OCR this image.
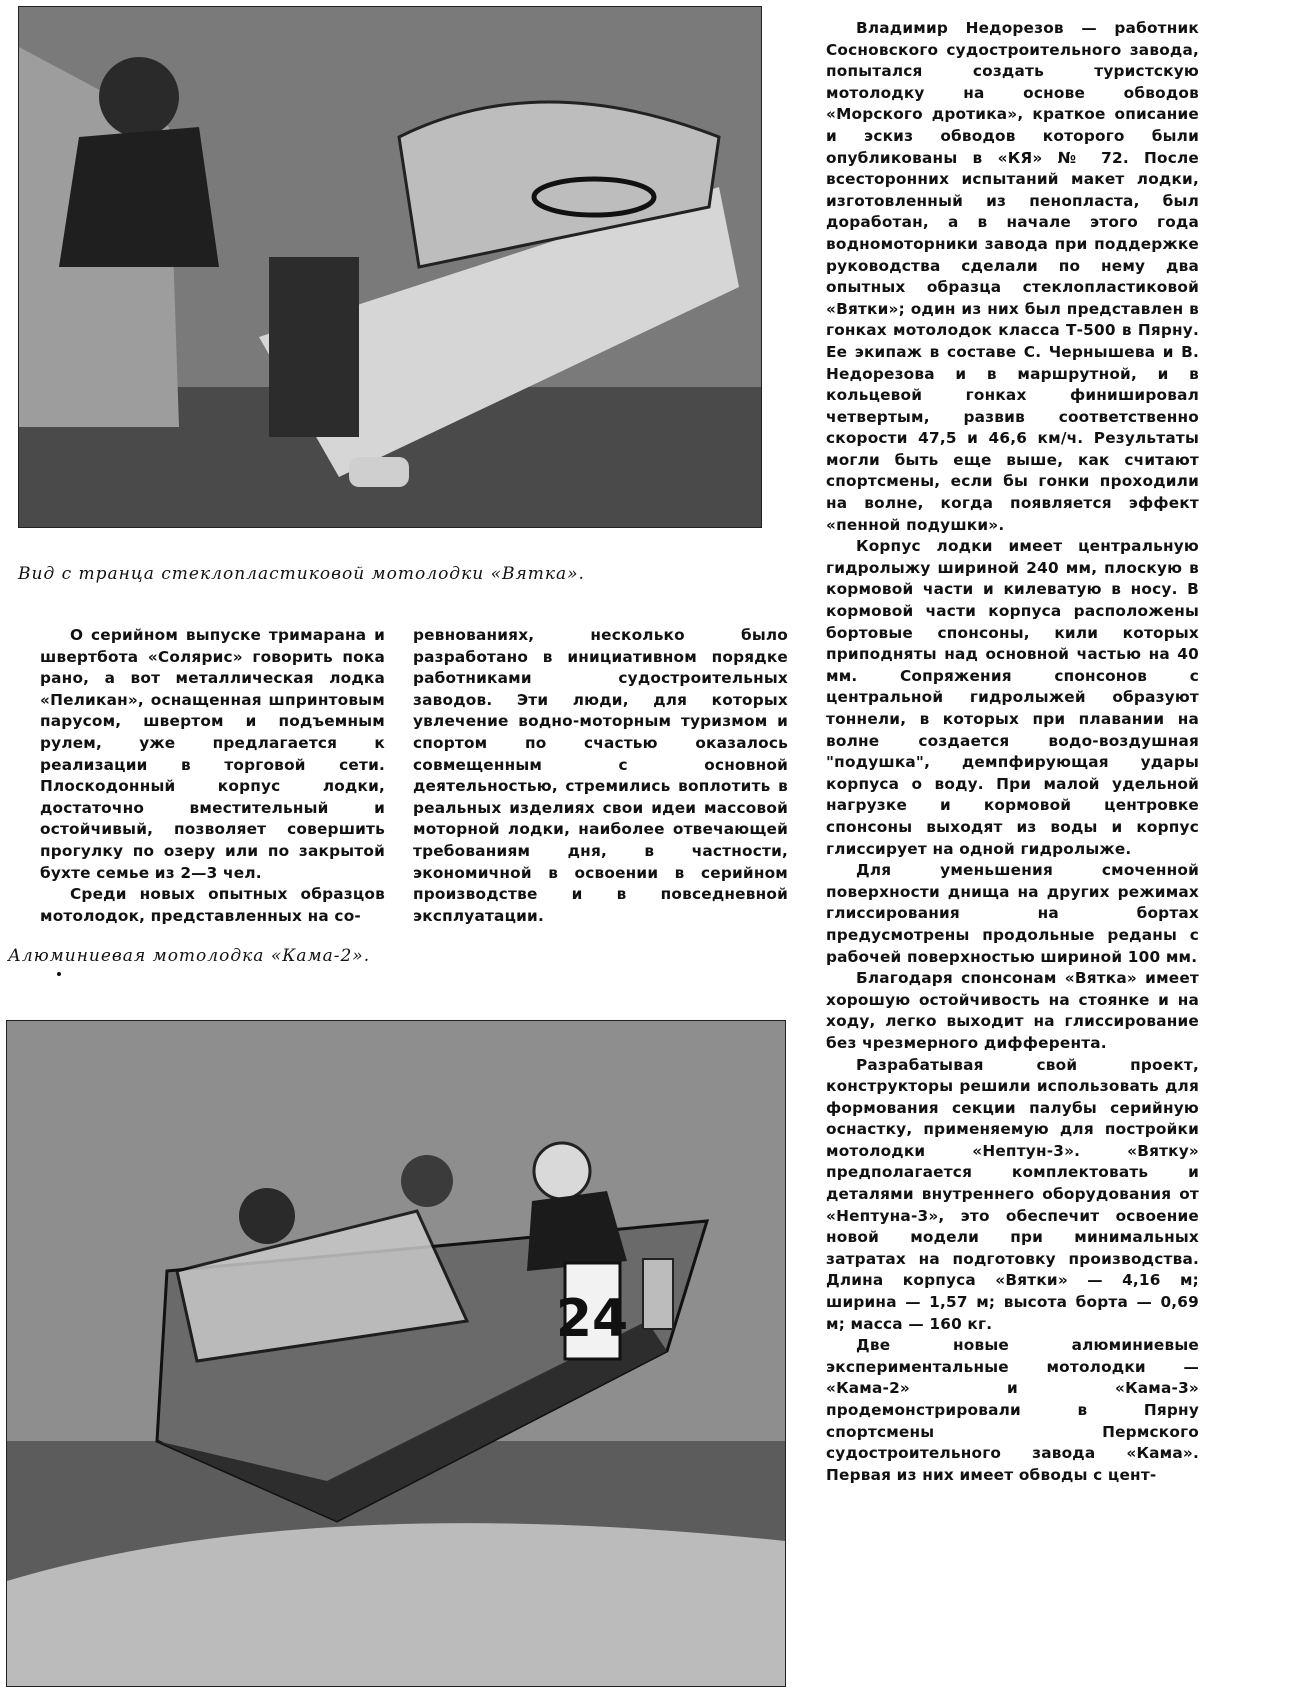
Вид с транца стеклопластиковой мотолодки «Вятка».

О серийном выпуске тримарана и швертбота «Солярис» говорить пока рано, а вот металлическая лодка «Пеликан», оснащенная шпринтовым парусом, швертом и подъемным рулем, уже предлагается к реализации в торговой сети. Плоскодонный корпус лодки, достаточно вместительный и остойчивый, позволяет совершить прогулку по озеру или по закрытой бухте семье из 2—3 чел.

Среди новых опытных образцов мотолодок, представленных на со-

ревнованиях, несколько было разработано в инициативном порядке работниками судостроительных заводов. Эти люди, для которых увлечение водно-моторным туризмом и спортом по счастью оказалось совмещенным с основной деятельностью, стремились воплотить в реальных изделиях свои идеи массовой моторной лодки, наиболее отвечающей требованиям дня, в частности, экономичной в освоении в серийном производстве и в повседневной эксплуатации.

Алюминиевая мотолодка «Кама-2».

24

Владимир Недорезов — работник Сосновского судостроительного завода, попытался создать туристскую мотолодку на основе обводов «Морского дротика», краткое описание и эскиз обводов которого были опубликованы в «КЯ» № 72. После всесторонних испытаний макет лодки, изготовленный из пенопласта, был доработан, а в начале этого года водномоторники завода при поддержке руководства сделали по нему два опытных образца стеклопластиковой «Вятки»; один из них был представлен в гонках мотолодок класса Т-500 в Пярну. Ее экипаж в составе С. Чернышева и В. Недорезова и в маршрутной, и в кольцевой гонках финишировал четвертым, развив соответственно скорости 47,5 и 46,6 км/ч. Результаты могли быть еще выше, как считают спортсмены, если бы гонки проходили на волне, когда появляется эффект «пенной подушки».

Корпус лодки имеет центральную гидролыжу шириной 240 мм, плоскую в кормовой части и килеватую в носу. В кормовой части корпуса расположены бортовые спонсоны, кили которых приподняты над основной частью на 40 мм. Сопряжения спонсонов с центральной гидролыжей образуют тоннели, в которых при плавании на волне создается водо-воздушная "подушка", демпфирующая удары корпуса о воду. При малой удельной нагрузке и кормовой центровке спонсоны выходят из воды и корпус глиссирует на одной гидролыже.

Для уменьшения смоченной поверхности днища на других режимах глиссирования на бортах предусмотрены продольные реданы с рабочей поверхностью шириной 100 мм.

Благодаря спонсонам «Вятка» имеет хорошую остойчивость на стоянке и на ходу, легко выходит на глиссирование без чрезмерного дифферента.

Разрабатывая свой проект, конструкторы решили использовать для формования секции палубы серийную оснастку, применяемую для постройки мотолодки «Нептун-3». «Вятку» предполагается комплектовать и деталями внутреннего оборудования от «Нептуна-3», это обеспечит освоение новой модели при минимальных затратах на подготовку производства. Длина корпуса «Вятки» — 4,16 м; ширина — 1,57 м; высота борта — 0,69 м; масса — 160 кг.

Две новые алюминиевые экспериментальные мотолодки — «Кама-2» и «Кама-3» продемонстрировали в Пярну спортсмены Пермского судостроительного завода «Кама». Первая из них имеет обводы с цент-
